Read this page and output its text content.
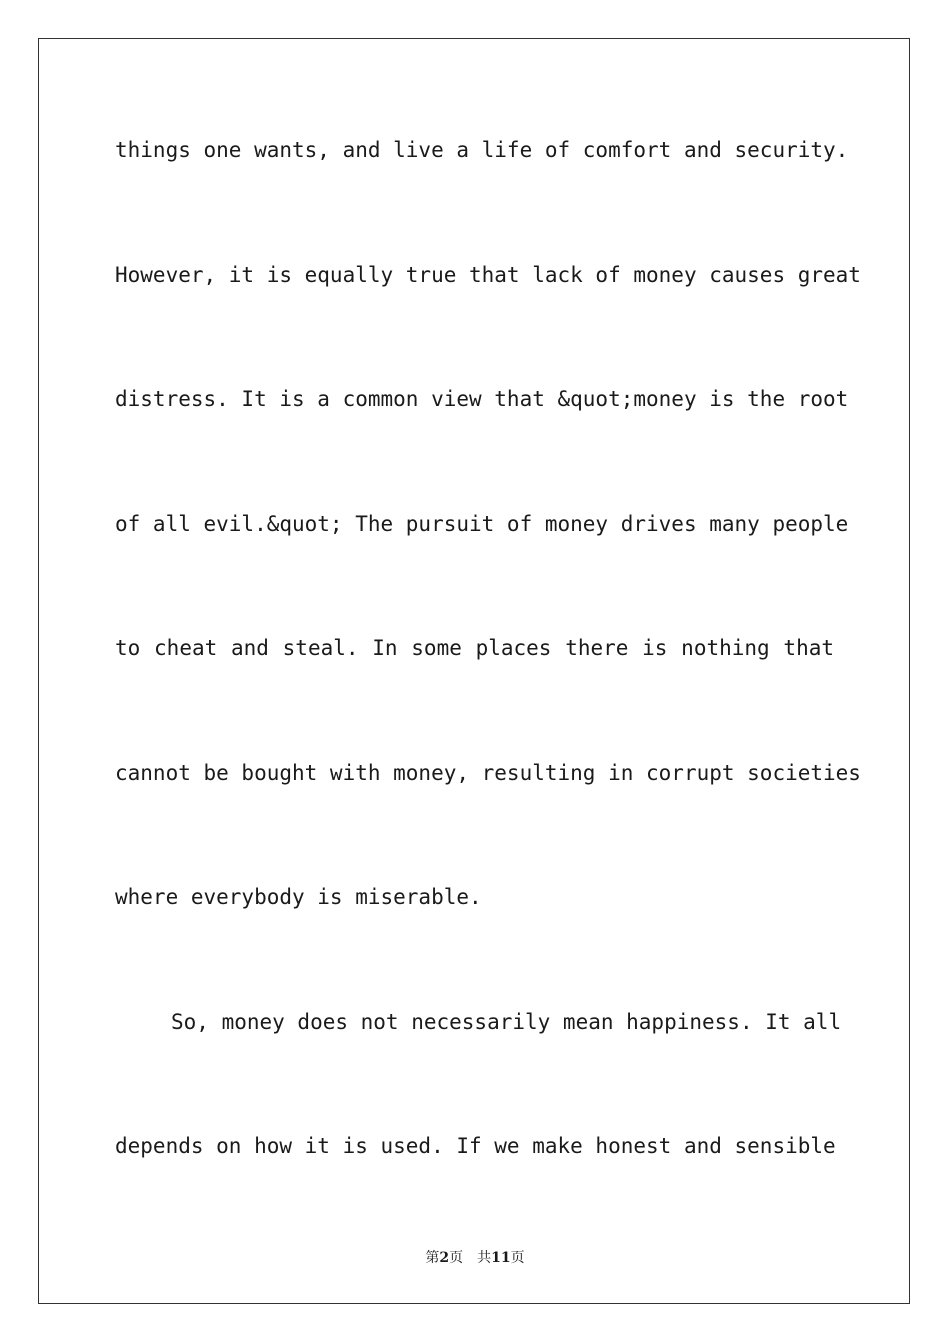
things one wants, and live a life of comfort and security.
However, it is equally true that lack of money causes great
distress. It is a common view that &quot;money is the root
of all evil.&quot; The pursuit of money drives many people
to cheat and steal. In some places there is nothing that
cannot be bought with money, resulting in corrupt societies
where everybody is miserable.
So, money does not necessarily mean happiness. It all
depends on how it is used. If we make honest and sensible
第2页 共11页
